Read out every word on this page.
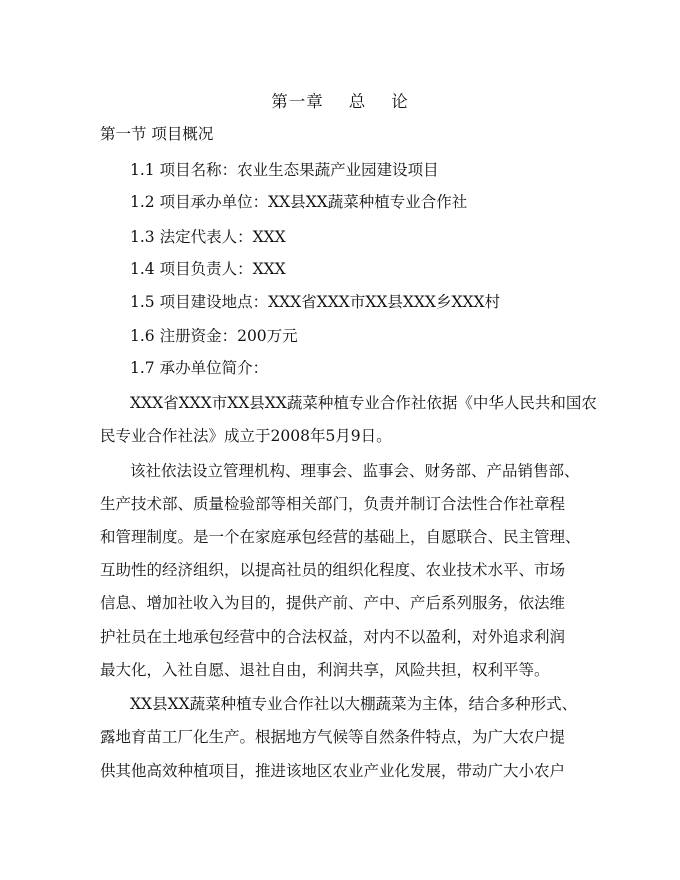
第一章    总    论
第一节 项目概况
1.1 项目名称：农业生态果蔬产业园建设项目
1.2 项目承办单位：XX县XX蔬菜种植专业合作社
1.3 法定代表人：XXX
1.4 项目负责人：XXX
1.5 项目建设地点：XXX省XXX市XX县XXX乡XXX村
1.6 注册资金：200万元
1.7 承办单位简介：
XXX省XXX市XX县XX蔬菜种植专业合作社依据《中华人民共和国农
民专业合作社法》成立于2008年5月9日。
该社依法设立管理机构、理事会、监事会、财务部、产品销售部、
生产技术部、质量检验部等相关部门，负责并制订合法性合作社章程
和管理制度。是一个在家庭承包经营的基础上，自愿联合、民主管理、
互助性的经济组织，以提高社员的组织化程度、农业技术水平、市场
信息、增加社收入为目的，提供产前、产中、产后系列服务，依法维
护社员在土地承包经营中的合法权益，对内不以盈利，对外追求利润
最大化，入社自愿、退社自由，利润共享，风险共担，权利平等。
XX县XX蔬菜种植专业合作社以大棚蔬菜为主体，结合多种形式、
露地育苗工厂化生产。根据地方气候等自然条件特点，为广大农户提
供其他高效种植项目，推进该地区农业产业化发展，带动广大小农户
